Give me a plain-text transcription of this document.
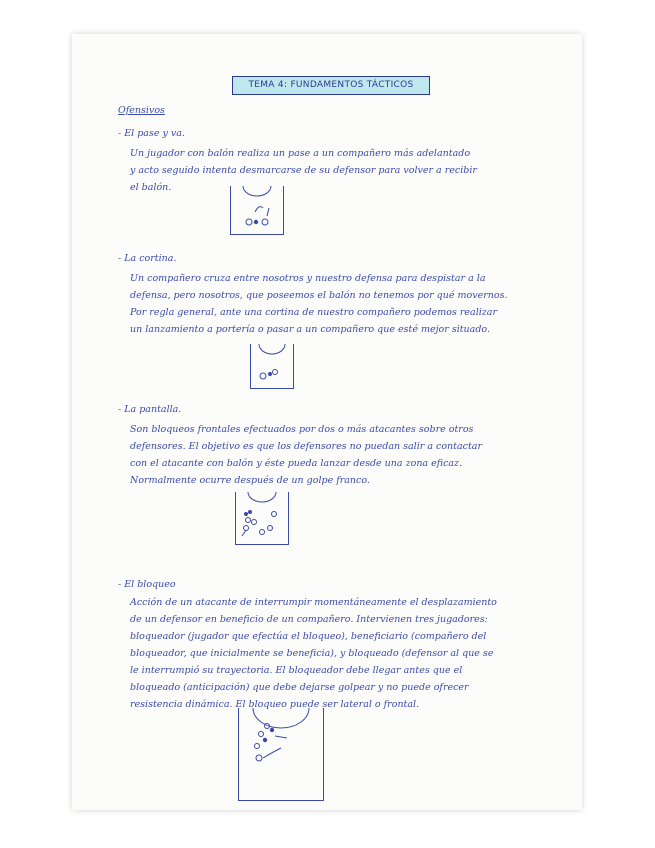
TEMA 4: FUNDAMENTOS TÁCTICOS
Ofensivos
- El pase y va.
Un jugador con balón realiza un pase a un compañero más adelantado
y acto seguido intenta desmarcarse de su defensor para volver a recibir
el balón.
- La cortina.
Un compañero cruza entre nosotros y nuestro defensa para despistar a la
defensa, pero nosotros, que poseemos el balón no tenemos por qué movernos.
Por regla general, ante una cortina de nuestro compañero podemos realizar
un lanzamiento a portería o pasar a un compañero que esté mejor situado.
- La pantalla.
Son bloqueos frontales efectuados por dos o más atacantes sobre otros
defensores. El objetivo es que los defensores no puedan salir a contactar
con el atacante con balón y éste pueda lanzar desde una zona eficaz.
Normalmente ocurre después de un golpe franco.
- El bloqueo
Acción de un atacante de interrumpir momentáneamente el desplazamiento
de un defensor en beneficio de un compañero. Intervienen tres jugadores:
bloqueador (jugador que efectúa el bloqueo), beneficiario (compañero del
bloqueador, que inicialmente se beneficia), y bloqueado (defensor al que se
le interrumpió su trayectoria. El bloqueador debe llegar antes que el
bloqueado (anticipación) que debe dejarse golpear y no puede ofrecer
resistencia dinámica. El bloqueo puede ser lateral o frontal.
